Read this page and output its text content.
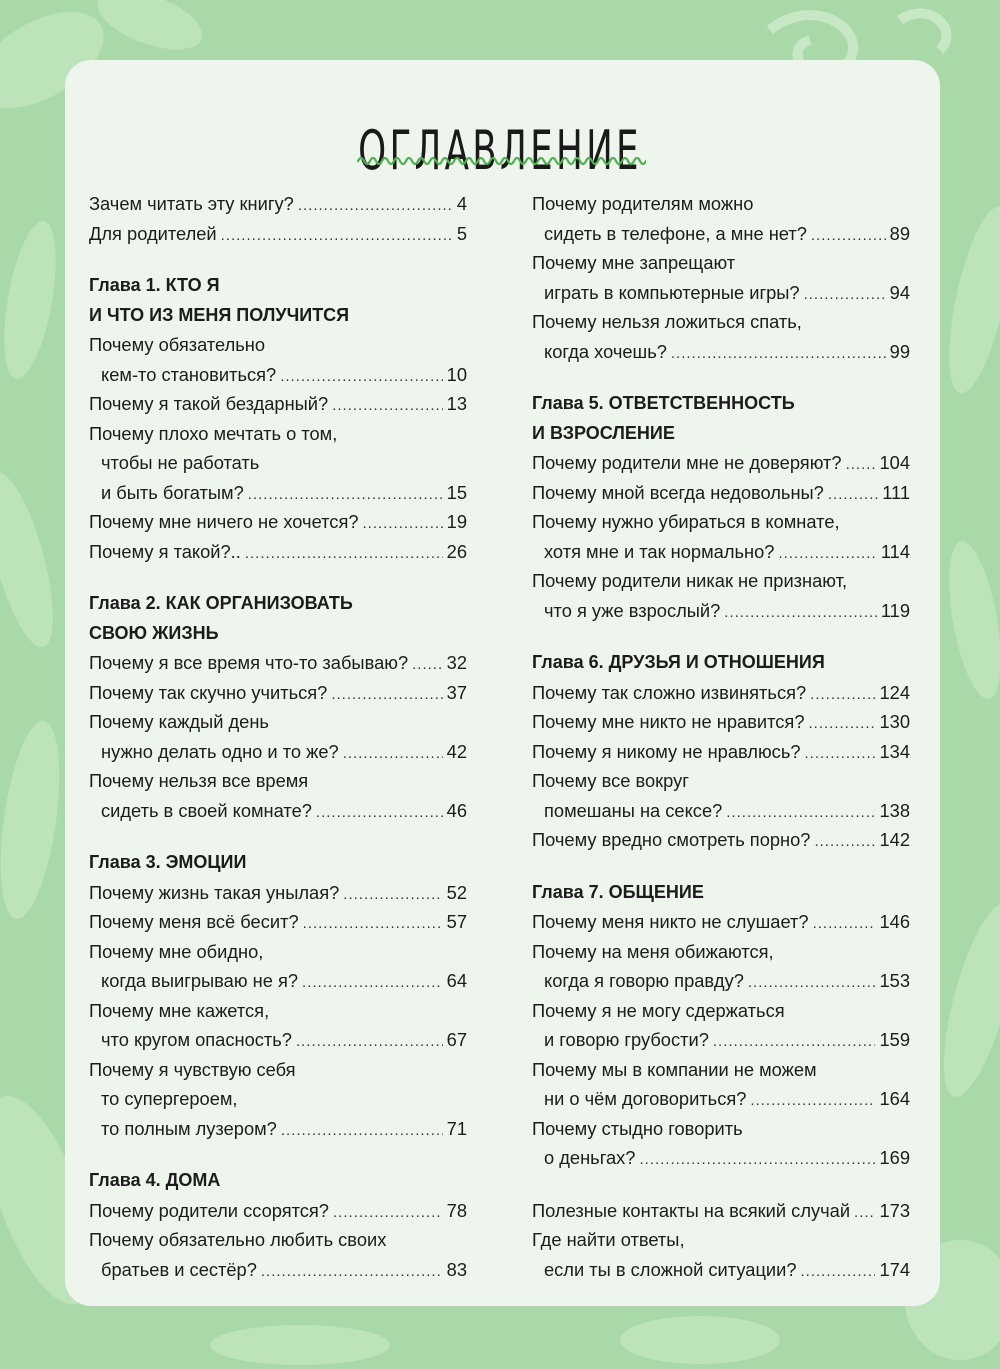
ОГЛАВЛЕНИЕ
Зачем читать эту книгу? .....	4
Для родителей .....	5
Глава 1. КТО Я
И ЧТО ИЗ МЕНЯ ПОЛУЧИТСЯ
Почему обязательно
кем-то становиться? .....	10
Почему я такой бездарный? .....	13
Почему плохо мечтать о том,
чтобы не работать
и быть богатым? .....	15
Почему мне ничего не хочется? .....	19
Почему я такой?.. .....	26
Глава 2. КАК ОРГАНИЗОВАТЬ
СВОЮ ЖИЗНЬ
Почему я все время что-то забываю? ..... 32
Почему так скучно учиться? .....	37
Почему каждый день
нужно делать одно и то же? .....	42
Почему нельзя все время
сидеть в своей комнате? .....	46
Глава 3. ЭМОЦИИ
Почему жизнь такая унылая? .....	52
Почему меня всё бесит? .....	57
Почему мне обидно,
когда выигрываю не я? .....	64
Почему мне кажется,
что кругом опасность? .....	67
Почему я чувствую себя
то супергероем,
то полным лузером? .....	71
Глава 4. ДОМА
Почему родители ссорятся? .....	78
Почему обязательно любить своих
братьев и сестёр? .....	83
Почему родителям можно
сидеть в телефоне, а мне нет? .....	89
Почему мне запрещают
играть в компьютерные игры? .....	94
Почему нельзя ложиться спать,
когда хочешь? .....	99
Глава 5. ОТВЕТСТВЕННОСТЬ
И ВЗРОСЛЕНИЕ
Почему родители мне не доверяют? ..... 104
Почему мной всегда недовольны? .....	111
Почему нужно убираться в комнате,
хотя мне и так нормально? .....	114
Почему родители никак не признают,
что я уже взрослый? .....	119
Глава 6. ДРУЗЬЯ И ОТНОШЕНИЯ
Почему так сложно извиняться? .....	124
Почему мне никто не нравится? .....	130
Почему я никому не нравлюсь? .....	134
Почему все вокруг
помешаны на сексе? .....	138
Почему вредно смотреть порно? .....	142
Глава 7. ОБЩЕНИЕ
Почему меня никто не слушает? .....	146
Почему на меня обижаются,
когда я говорю правду? .....	153
Почему я не могу сдержаться
и говорю грубости? .....	159
Почему мы в компании не можем
ни о чём договориться? .....	164
Почему стыдно говорить
о деньгах? .....	169
Полезные контакты на всякий случай ..... 173
Где найти ответы,
если ты в сложной ситуации? .....	174
